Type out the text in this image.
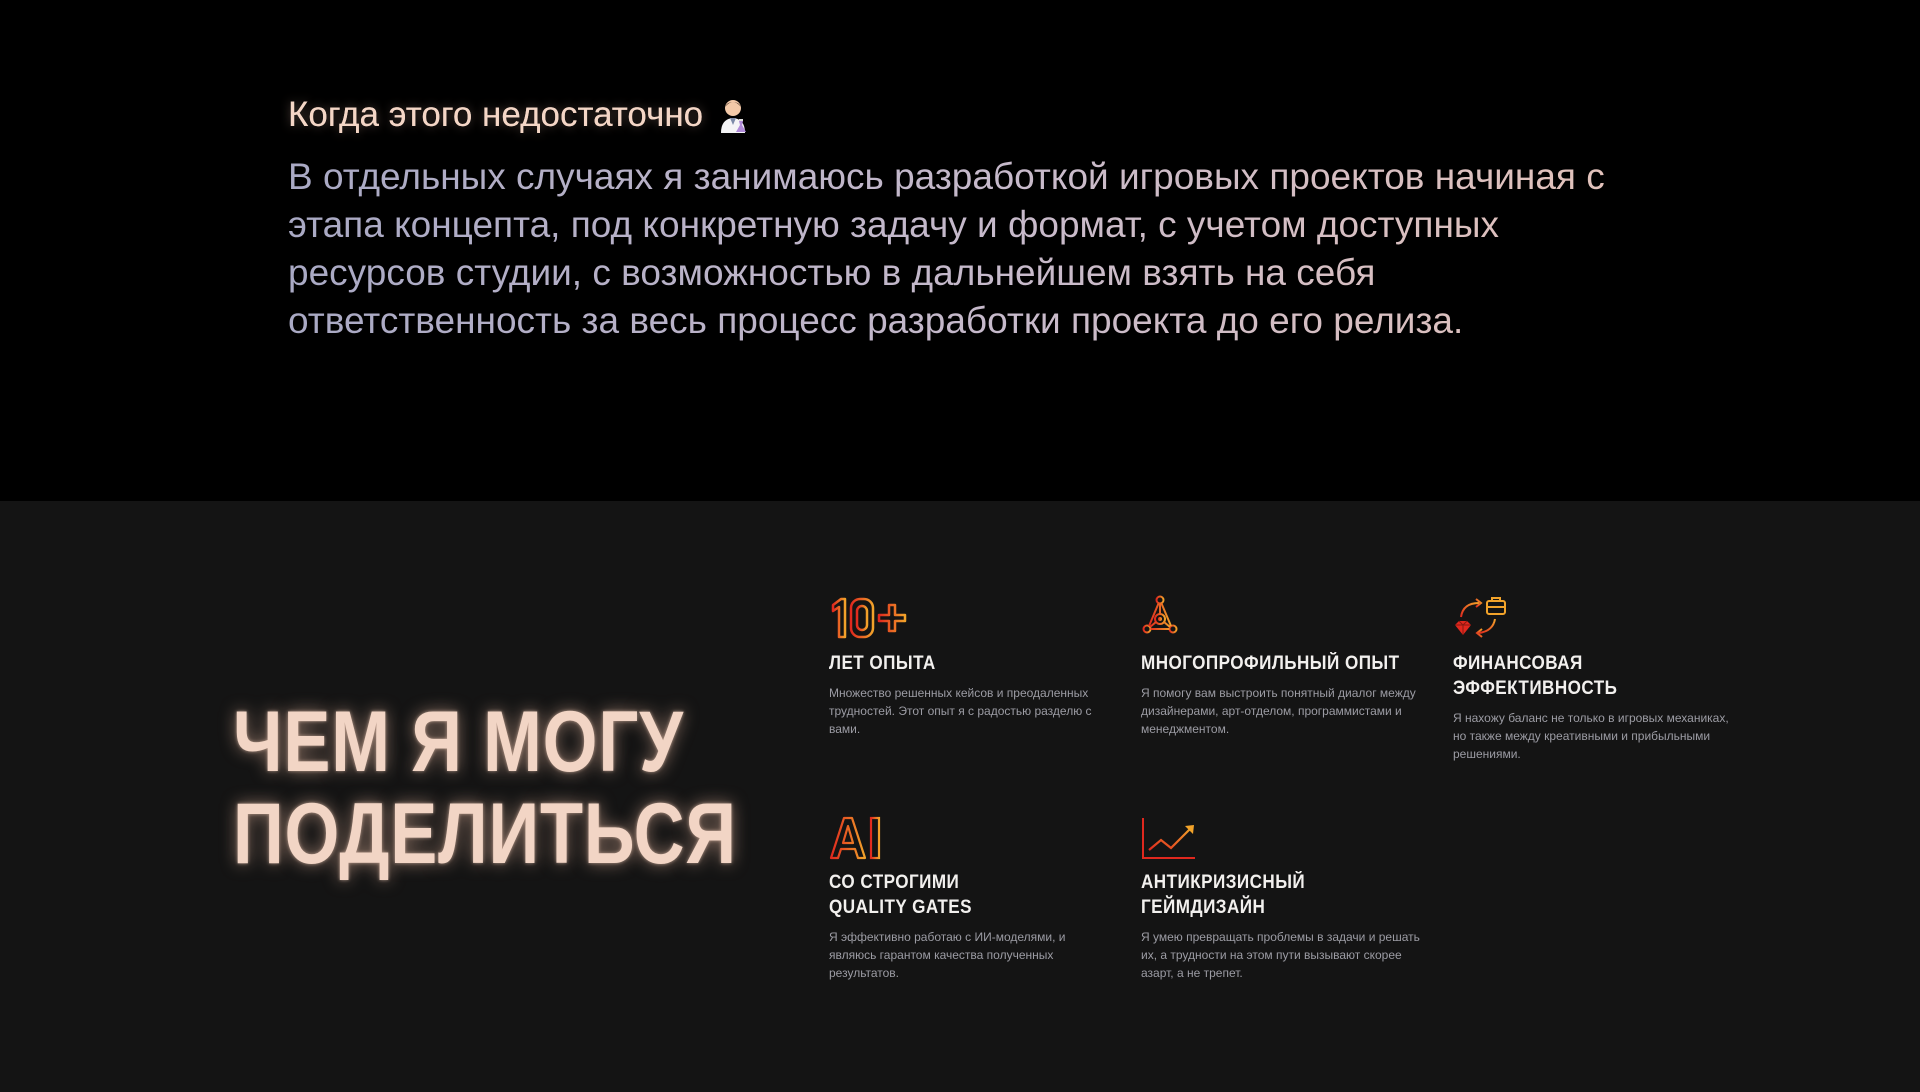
Когда этого недостаточно

В отдельных случаях я занимаюсь разработкой игровых проектов начиная с этапа концепта, под конкретную задачу и формат, с учетом доступных ресурсов студии, с возможностью в дальнейшем взять на себя ответственность за весь процесс разработки проекта до его релиза.

ЧЕМ Я МОГУ
ПОДЕЛИТЬСЯ

ЛЕТ ОПЫТА

Множество решенных кейсов и преодаленных трудностей. Этот опыт я с радостью разделю с вами.

МНОГОПРОФИЛЬНЫЙ ОПЫТ

Я помогу вам выстроить понятный диалог между дизайнерами, арт-отделом, программистами и менеджментом.

ФИНАНСОВАЯ
ЭФФЕКТИВНОСТЬ

Я нахожу баланс не только в игровых механиках, но также между креативными и прибыльными решениями.

СО СТРОГИМИ
QUALITY GATES

Я эффективно работаю с ИИ-моделями, и являюсь гарантом качества полученных результатов.

АНТИКРИЗИСНЫЙ
ГЕЙМДИЗАЙН

Я умею превращать проблемы в задачи и решать их, а трудности на этом пути вызывают скорее азарт, а не трепет.
